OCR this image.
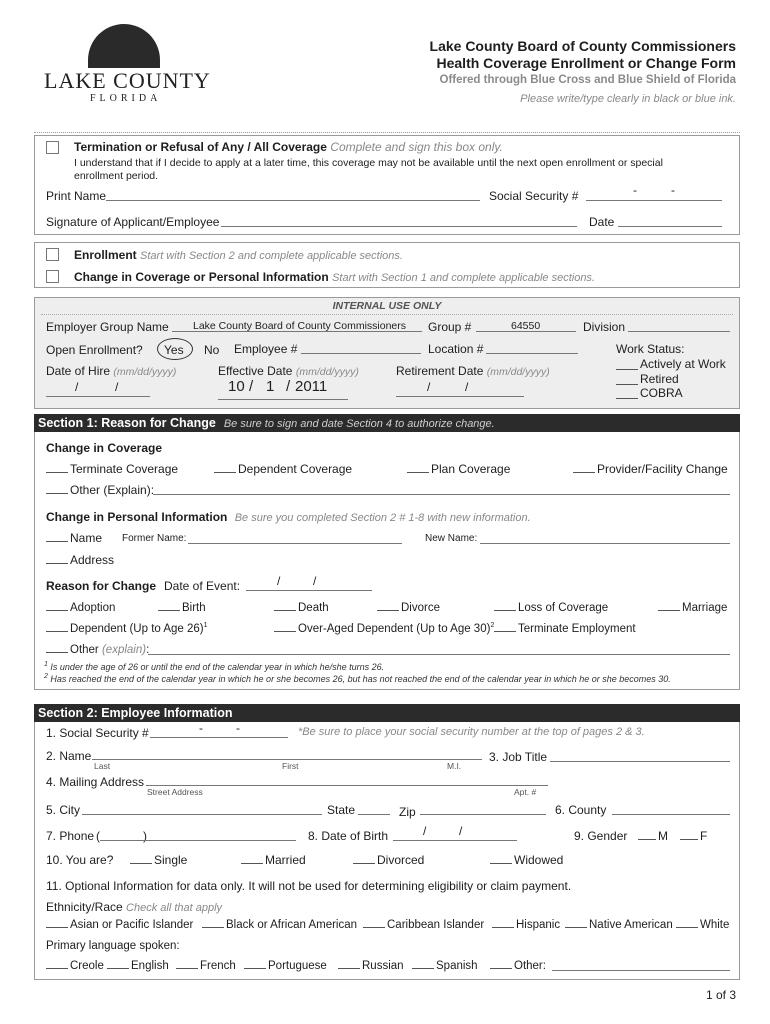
LAKE COUNTY
FLORIDA
Lake County Board of County Commissioners
Health Coverage Enrollment or Change Form
Offered through Blue Cross and Blue Shield of Florida
Please write/type clearly in black or blue ink.
Termination or Refusal of Any / All Coverage Complete and sign this box only.
I understand that if I decide to apply at a later time, this coverage may not be available until the next open enrollment or special
enrollment period.
Print Name	Social Security #	-	-
Signature of Applicant/Employee	Date
Enrollment Start with Section 2 and complete applicable sections.
Change in Coverage or Personal Information Start with Section 1 and complete applicable sections.
INTERNAL USE ONLY
Employer Group Name Lake County Board of County Commissioners Group #	64550	Division
Open Enrollment? Yes No Employee #	Location #	Work Status:
Actively at Work
Retired
COBRA
Date of Hire (mm/dd/yyyy)
/	/
Effective Date (mm/dd/yyyy)
10 / 1 / 2011
Retirement Date (mm/dd/yyyy)
/	/
Section 1: Reason for Change Be sure to sign and date Section 4 to authorize change.
Change in Coverage
Terminate Coverage	Dependent Coverage	Plan Coverage	Provider/Facility Change
Other (Explain):
Change in Personal Information Be sure you completed Section 2 # 1-8 with new information.
Name Former Name:	New Name:
Address
Reason for Change Date of Event:	/	/
Adoption	Birth	Death	Divorce	Loss of Coverage	Marriage
Dependent (Up to Age 26)$^1$	Over-Aged Dependent (Up to Age 30)$^2$	Terminate Employment
Other (explain):
$^1$ Is under the age of 26 or until the end of the calendar year in which he/she turns 26.
$^2$ Has reached the end of the calendar year in which he or she becomes 26, but has not reached the end of the calendar year in which he or she becomes 30.
Section 2: Employee Information
1. Social Security #	-	-	*Be sure to place your social security number at the top of pages 2 & 3.
2. Name
Last	First	M.I.
3. Job Title
4. Mailing Address
Street Address	Apt. #
5. City	State	Zip	6. County
7. Phone (	)	8. Date of Birth	/	/	9. Gender	M	F
10. You are?	Single	Married	Divorced	Widowed
11. Optional Information for data only. It will not be used for determining eligibility or claim payment.
Ethnicity/Race Check all that apply
Asian or Pacific Islander	Black or African American	Caribbean Islander	Hispanic	Native American	White
Primary language spoken:
Creole	English	French	Portuguese	Russian	Spanish	Other:
1 of 3
